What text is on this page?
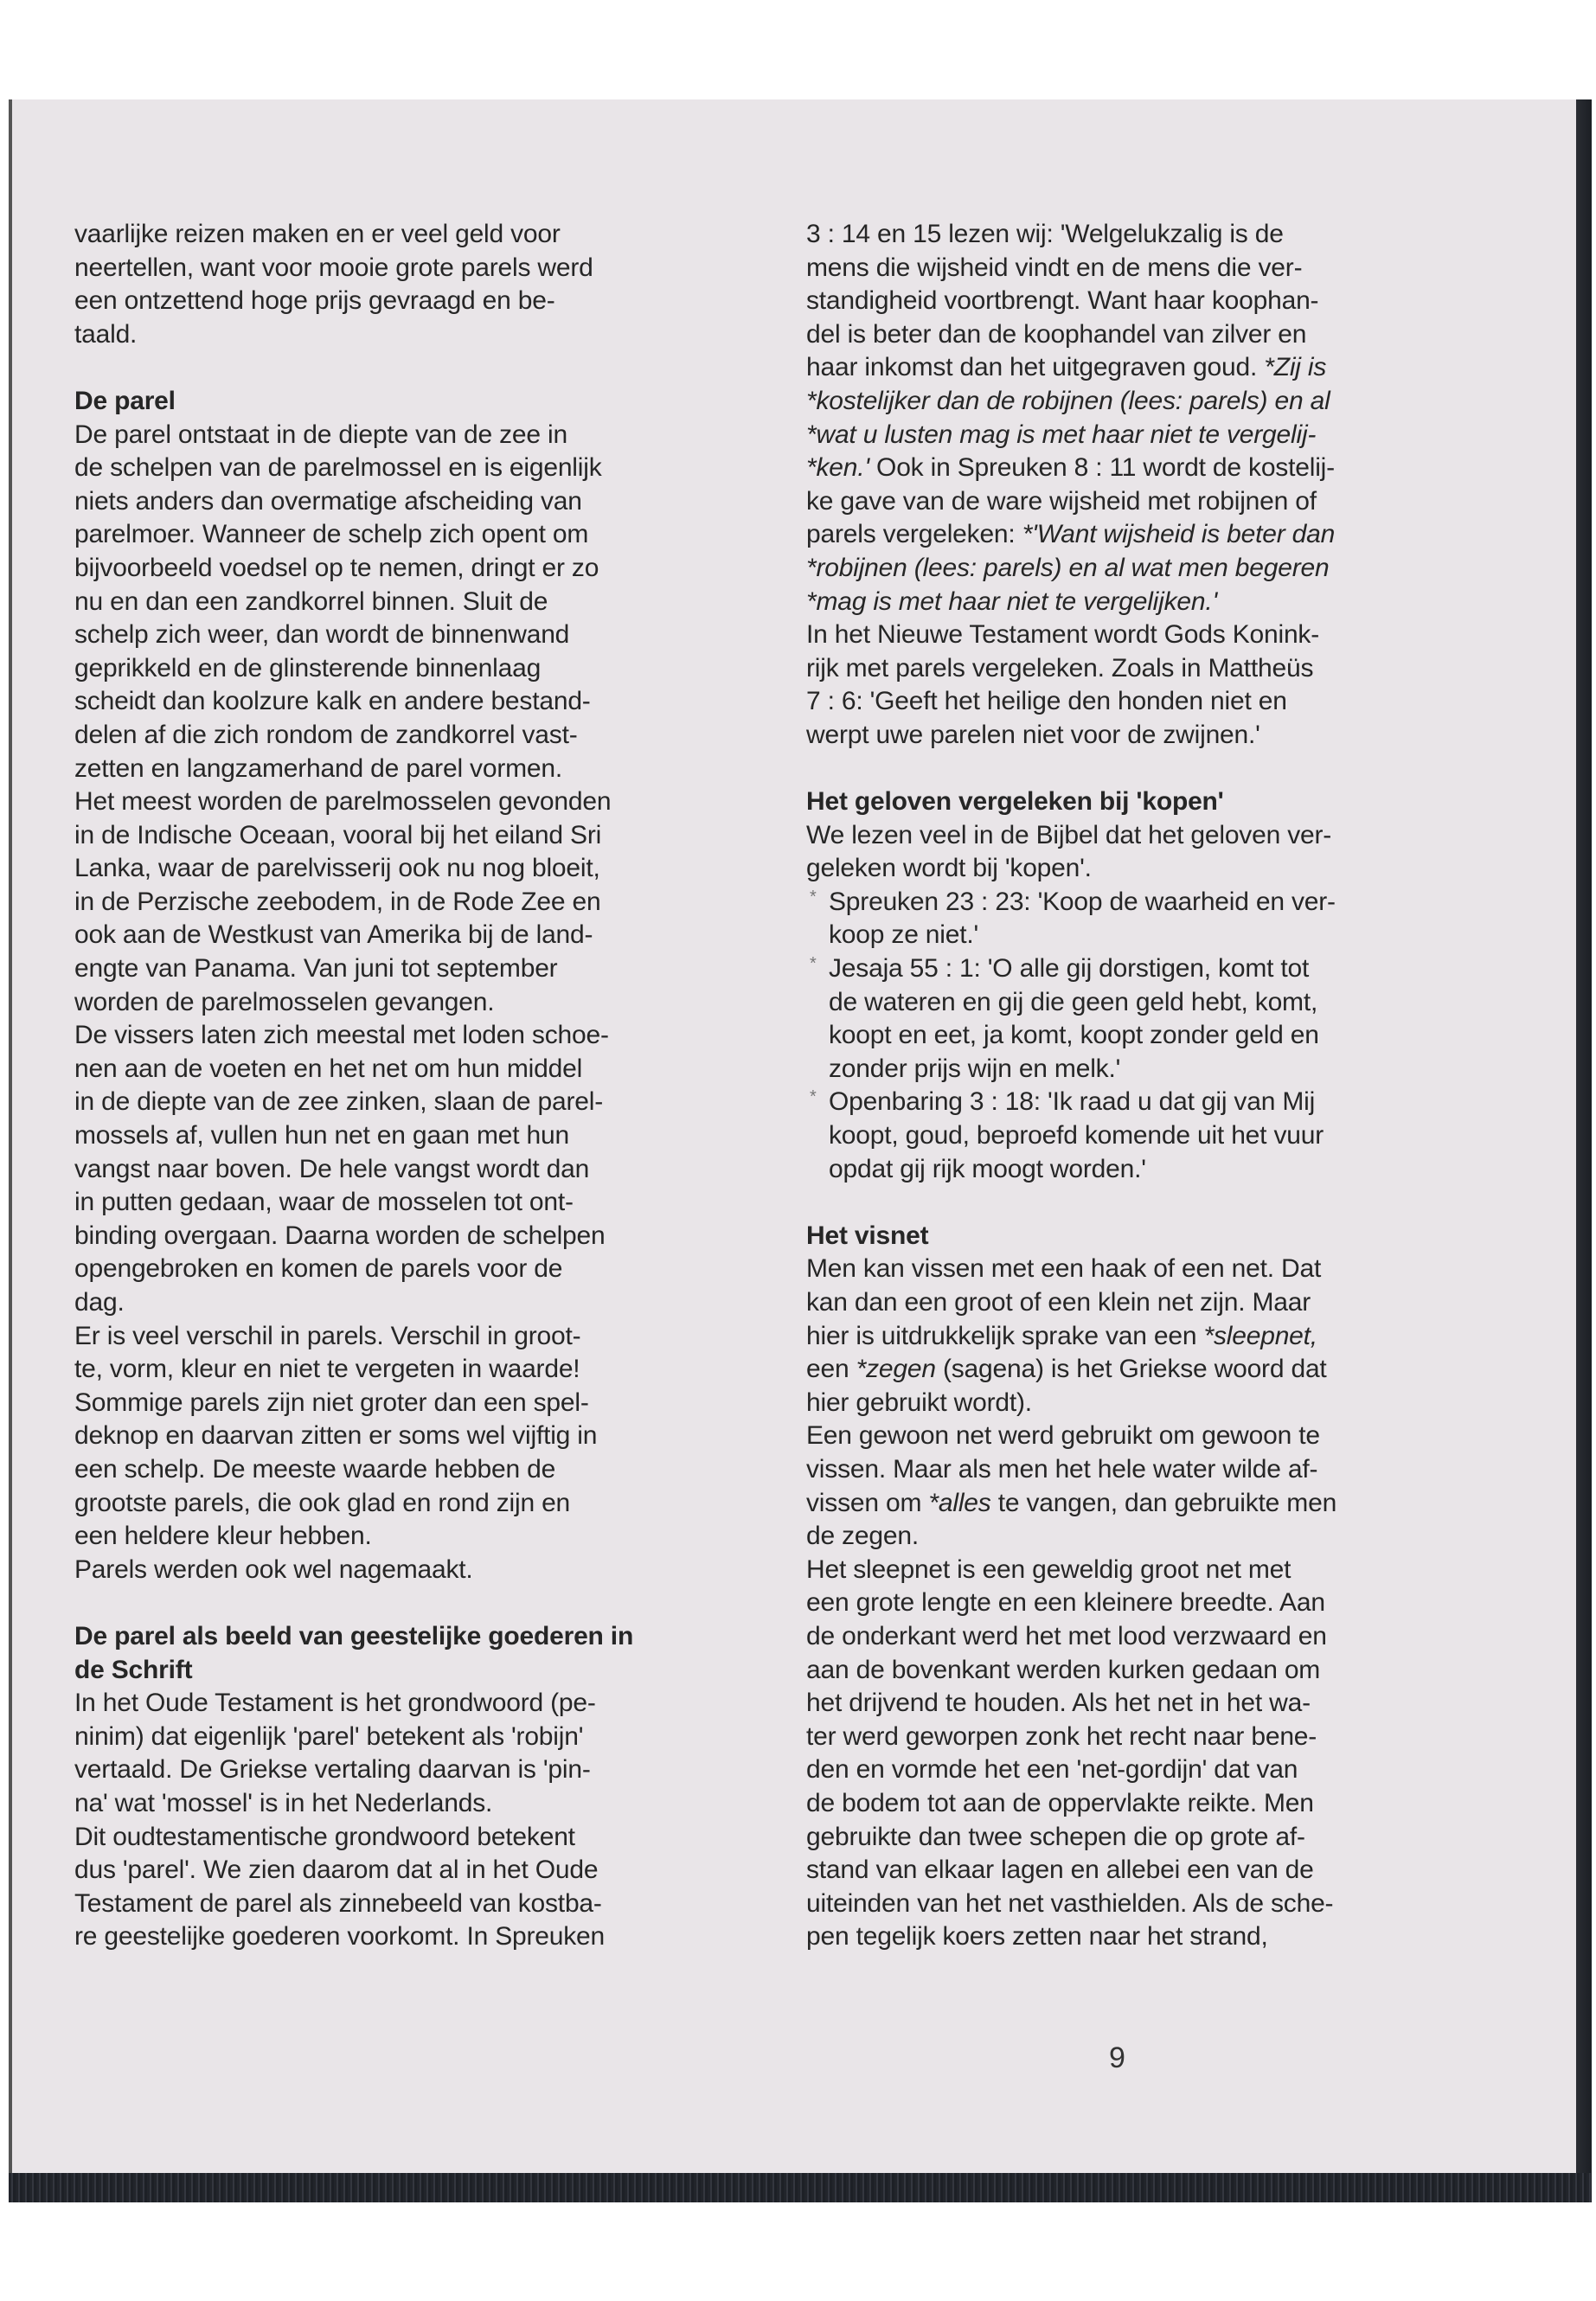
vaarlijke reizen maken en er veel geld voor
neertellen, want voor mooie grote parels werd
een ontzettend hoge prijs gevraagd en be-
taald.
De parel
De parel ontstaat in de diepte van de zee in
de schelpen van de parelmossel en is eigenlijk
niets anders dan overmatige afscheiding van
parelmoer. Wanneer de schelp zich opent om
bijvoorbeeld voedsel op te nemen, dringt er zo
nu en dan een zandkorrel binnen. Sluit de
schelp zich weer, dan wordt de binnenwand
geprikkeld en de glinsterende binnenlaag
scheidt dan koolzure kalk en andere bestand-
delen af die zich rondom de zandkorrel vast-
zetten en langzamerhand de parel vormen.
Het meest worden de parelmosselen gevonden
in de Indische Oceaan, vooral bij het eiland Sri
Lanka, waar de parelvisserij ook nu nog bloeit,
in de Perzische zeebodem, in de Rode Zee en
ook aan de Westkust van Amerika bij de land-
engte van Panama. Van juni tot september
worden de parelmosselen gevangen.
De vissers laten zich meestal met loden schoe-
nen aan de voeten en het net om hun middel
in de diepte van de zee zinken, slaan de parel-
mossels af, vullen hun net en gaan met hun
vangst naar boven. De hele vangst wordt dan
in putten gedaan, waar de mosselen tot ont-
binding overgaan. Daarna worden de schelpen
opengebroken en komen de parels voor de
dag.
Er is veel verschil in parels. Verschil in groot-
te, vorm, kleur en niet te vergeten in waarde!
Sommige parels zijn niet groter dan een spel-
deknop en daarvan zitten er soms wel vijftig in
een schelp. De meeste waarde hebben de
grootste parels, die ook glad en rond zijn en
een heldere kleur hebben.
Parels werden ook wel nagemaakt.
De parel als beeld van geestelijke goederen in
de Schrift
In het Oude Testament is het grondwoord (pe-
ninim) dat eigenlijk 'parel' betekent als 'robijn'
vertaald. De Griekse vertaling daarvan is 'pin-
na' wat 'mossel' is in het Nederlands.
Dit oudtestamentische grondwoord betekent
dus 'parel'. We zien daarom dat al in het Oude
Testament de parel als zinnebeeld van kostba-
re geestelijke goederen voorkomt. In Spreuken
3 : 14 en 15 lezen wij: 'Welgelukzalig is de
mens die wijsheid vindt en de mens die ver-
standigheid voortbrengt. Want haar koophan-
del is beter dan de koophandel van zilver en
haar inkomst dan het uitgegraven goud. *Zij is
*kostelijker dan de robijnen (lees: parels) en al
*wat u lusten mag is met haar niet te vergelij-
*ken.' Ook in Spreuken 8 : 11 wordt de kostelij-
ke gave van de ware wijsheid met robijnen of
parels vergeleken: *'Want wijsheid is beter dan
*robijnen (lees: parels) en al wat men begeren
*mag is met haar niet te vergelijken.'
In het Nieuwe Testament wordt Gods Konink-
rijk met parels vergeleken. Zoals in Mattheüs
7 : 6: 'Geeft het heilige den honden niet en
werpt uwe parelen niet voor de zwijnen.'
Het geloven vergeleken bij 'kopen'
We lezen veel in de Bijbel dat het geloven ver-
geleken wordt bij 'kopen'.
* Spreuken 23 : 23: 'Koop de waarheid en ver-
koop ze niet.'
* Jesaja 55 : 1: 'O alle gij dorstigen, komt tot
de wateren en gij die geen geld hebt, komt,
koopt en eet, ja komt, koopt zonder geld en
zonder prijs wijn en melk.'
* Openbaring 3 : 18: 'Ik raad u dat gij van Mij
koopt, goud, beproefd komende uit het vuur
opdat gij rijk moogt worden.'
Het visnet
Men kan vissen met een haak of een net. Dat
kan dan een groot of een klein net zijn. Maar
hier is uitdrukkelijk sprake van een *sleepnet,
een *zegen (sagena) is het Griekse woord dat
hier gebruikt wordt).
Een gewoon net werd gebruikt om gewoon te
vissen. Maar als men het hele water wilde af-
vissen om *alles te vangen, dan gebruikte men
de zegen.
Het sleepnet is een geweldig groot net met
een grote lengte en een kleinere breedte. Aan
de onderkant werd het met lood verzwaard en
aan de bovenkant werden kurken gedaan om
het drijvend te houden. Als het net in het wa-
ter werd geworpen zonk het recht naar bene-
den en vormde het een 'net-gordijn' dat van
de bodem tot aan de oppervlakte reikte. Men
gebruikte dan twee schepen die op grote af-
stand van elkaar lagen en allebei een van de
uiteinden van het net vasthielden. Als de sche-
pen tegelijk koers zetten naar het strand,
9
